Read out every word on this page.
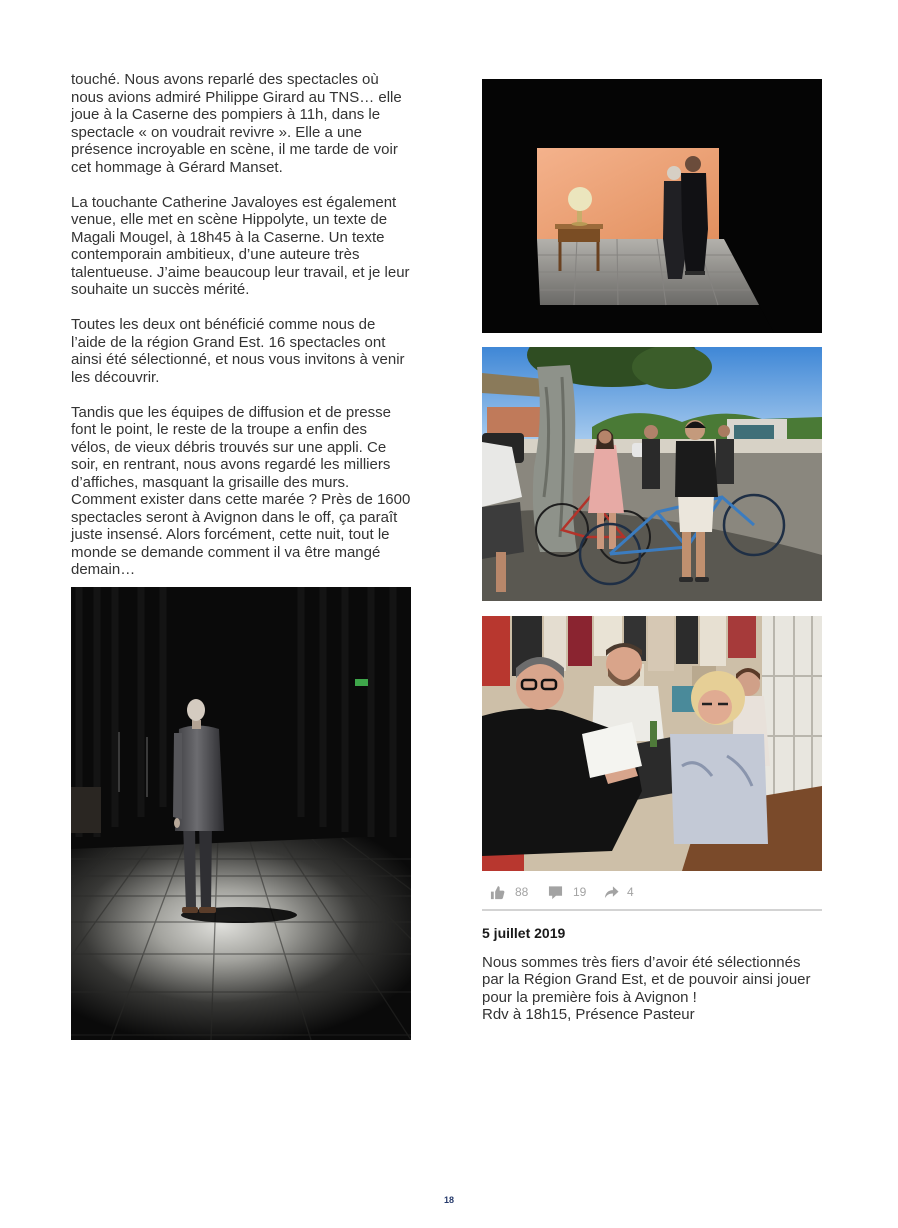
touché. Nous avons reparlé des spectacles où
nous avions admiré Philippe Girard au TNS… elle
joue à la Caserne des pompiers à 11h, dans le
spectacle « on voudrait revivre ». Elle a une
présence incroyable en scène, il me tarde de voir
cet hommage à Gérard Manset.

La touchante Catherine Javaloyes est également
venue, elle met en scène Hippolyte, un texte de
Magali Mougel, à 18h45 à la Caserne. Un texte
contemporain ambitieux, d’une auteure très
talentueuse. J’aime beaucoup leur travail, et je leur
souhaite un succès mérité.

Toutes les deux ont bénéficié comme nous de
l’aide de la région Grand Est. 16 spectacles ont
ainsi été sélectionné, et nous vous invitons à venir
les découvrir.

Tandis que les équipes de diffusion et de presse
font le point, le reste de la troupe a enfin des
vélos, de vieux débris trouvés sur une appli. Ce
soir, en rentrant, nous avons regardé les milliers
d’affiches, masquant la grisaille des murs.
Comment exister dans cette marée ? Près de 1600
spectacles seront à Avignon dans le off, ça paraît
juste insensé. Alors forcément, cette nuit, tout le
monde se demande comment il va être mangé
demain…

88	19	4
5 juillet 2019
Nous sommes très fiers d’avoir été sélectionnés
par la Région Grand Est, et de pouvoir ainsi jouer
pour la première fois à Avignon !
Rdv à 18h15, Présence Pasteur
18
